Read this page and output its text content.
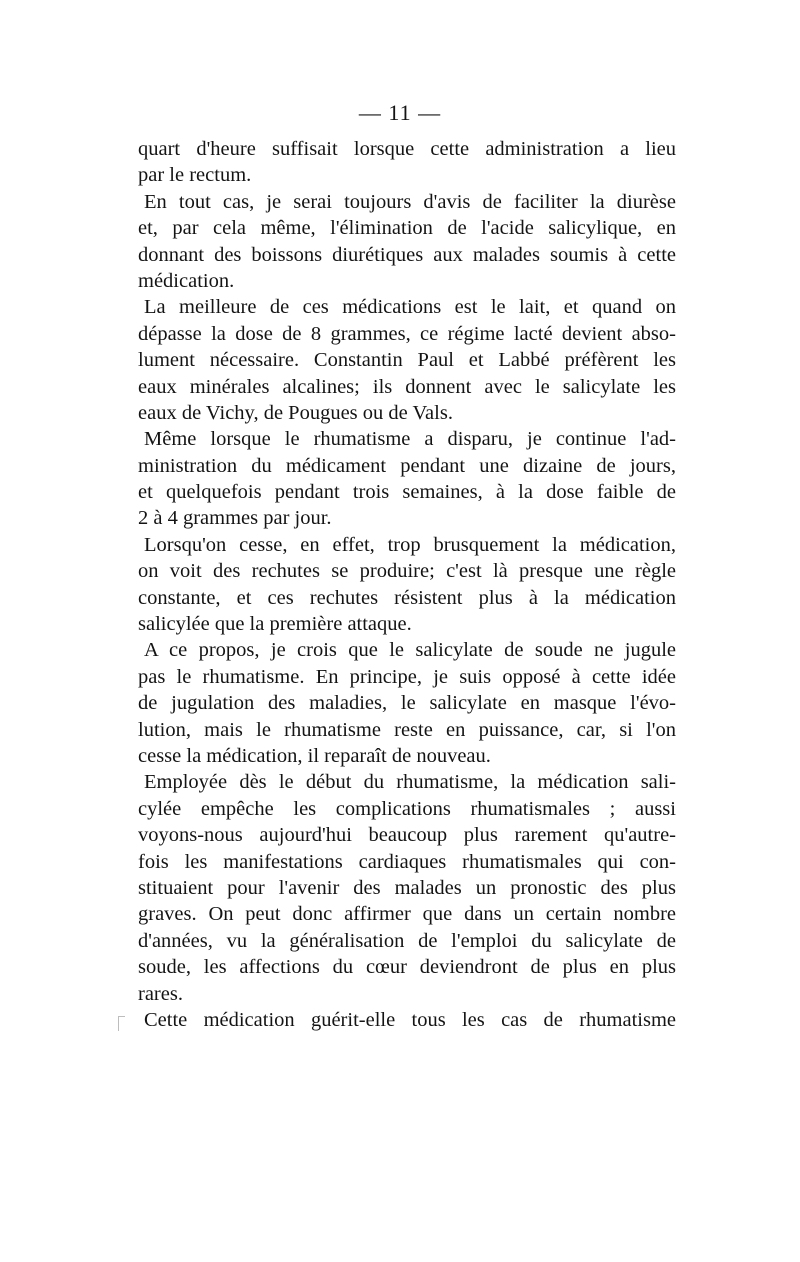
— 11 —
quart d'heure suffisait lorsque cette administration a lieu
par le rectum.
En tout cas, je serai toujours d'avis de faciliter la diurèse
et, par cela même, l'élimination de l'acide salicylique, en
donnant des boissons diurétiques aux malades soumis à cette
médication.
La meilleure de ces médications est le lait, et quand on
dépasse la dose de 8 grammes, ce régime lacté devient abso-
lument nécessaire. Constantin Paul et Labbé préfèrent les
eaux minérales alcalines; ils donnent avec le salicylate les
eaux de Vichy, de Pougues ou de Vals.
Même lorsque le rhumatisme a disparu, je continue l'ad-
ministration du médicament pendant une dizaine de jours,
et quelquefois pendant trois semaines, à la dose faible de
2 à 4 grammes par jour.
Lorsqu'on cesse, en effet, trop brusquement la médication,
on voit des rechutes se produire; c'est là presque une règle
constante, et ces rechutes résistent plus à la médication
salicylée que la première attaque.
A ce propos, je crois que le salicylate de soude ne jugule
pas le rhumatisme. En principe, je suis opposé à cette idée
de jugulation des maladies, le salicylate en masque l'évo-
lution, mais le rhumatisme reste en puissance, car, si l'on
cesse la médication, il reparaît de nouveau.
Employée dès le début du rhumatisme, la médication sali-
cylée empêche les complications rhumatismales ; aussi
voyons-nous aujourd'hui beaucoup plus rarement qu'autre-
fois les manifestations cardiaques rhumatismales qui con-
stituaient pour l'avenir des malades un pronostic des plus
graves. On peut donc affirmer que dans un certain nombre
d'années, vu la généralisation de l'emploi du salicylate de
soude, les affections du cœur deviendront de plus en plus
rares.
Cette médication guérit-elle tous les cas de rhumatisme
